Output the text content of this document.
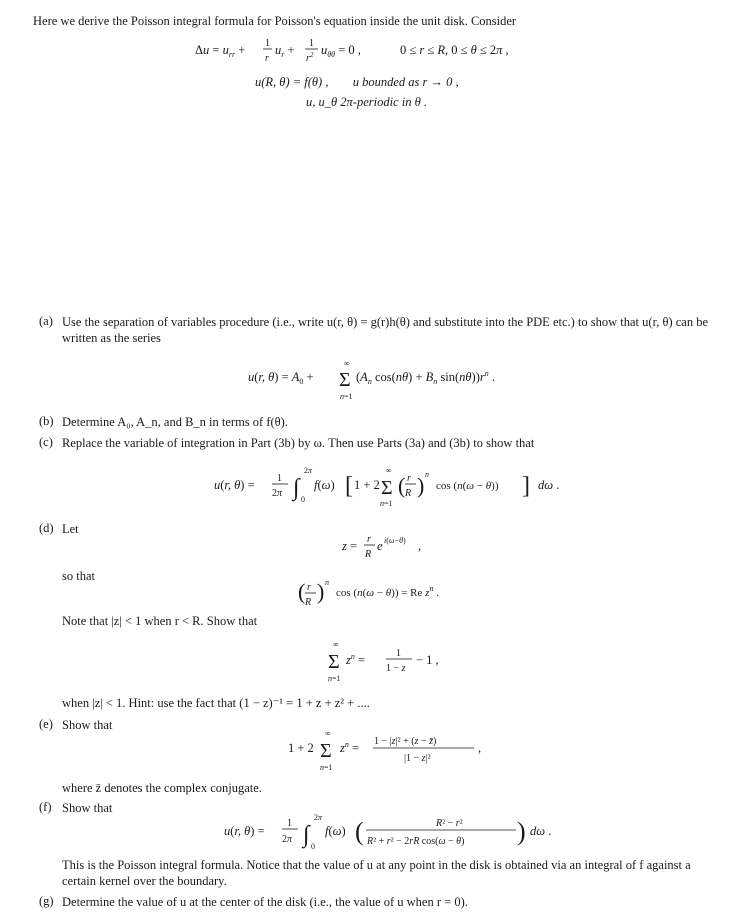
Here we derive the Poisson integral formula for Poisson's equation inside the unit disk. Consider
$\Delta u = u_{rr} + 1$
r
$u_r + 1$
$r^2$ $u_{\theta\theta} = 0$ ,	0 ≤ r ≤ R, 0 ≤ θ ≤ 2π ,
u(R, θ) = f(θ) , u bounded as r → 0 ,
u, u_θ 2π-periodic in θ .
(a) Use the separation of variables procedure (i.e., write u(r, θ) = g(r)h(θ) and substitute into the PDE etc.) to show that u(r, θ) can be written as the series
u(r, $\theta) = A_0$ +
∞
Σ
n=1
($A_n$ $\cos(n\theta) + B_n$ $\sin(n\theta))r^n$ .
(b) Determine A₀, A_n, and B_n in terms of f(θ).
(c) Replace the variable of integration in Part (3b) by ω. Then use Parts (3a) and (3b) to show that
u(r, θ) = 1
2π ∫
2π
0
f(ω) [ 1 + 2
∞
Σ
n=1
( r
R ) n
cos (n(ω − θ)) ] dω .
(d) Let
z = r
R
e i(ω−θ) ,
so that
( r
R ) n
cos (n(ω − θ)) = Re $z^n$ .
Note that |z| < 1 when r < R. Show that
∞
Σ
n=1
$z^n$ =	1
1 − z
− 1 ,
when |z| < 1. Hint: use the fact that (1 − z)⁻¹ = 1 + z + z² + ....
(e) Show that
1 + 2
∞
Σ
n=1
$z^n = 1 - |z|^2 + (z$ − z̄)
|1 − z|²
,
where z̄ denotes the complex conjugate.
(f) Show that
u(r, θ) =
1
2π ∫
2π
0
f(ω) (	R² − r²
R² + r² − 2rR cos(ω − θ) ) dω .
This is the Poisson integral formula. Notice that the value of u at any point in the disk is obtained via an integral of f against a certain kernel over the boundary.
(g) Determine the value of u at the center of the disk (i.e., the value of u when r = 0).
